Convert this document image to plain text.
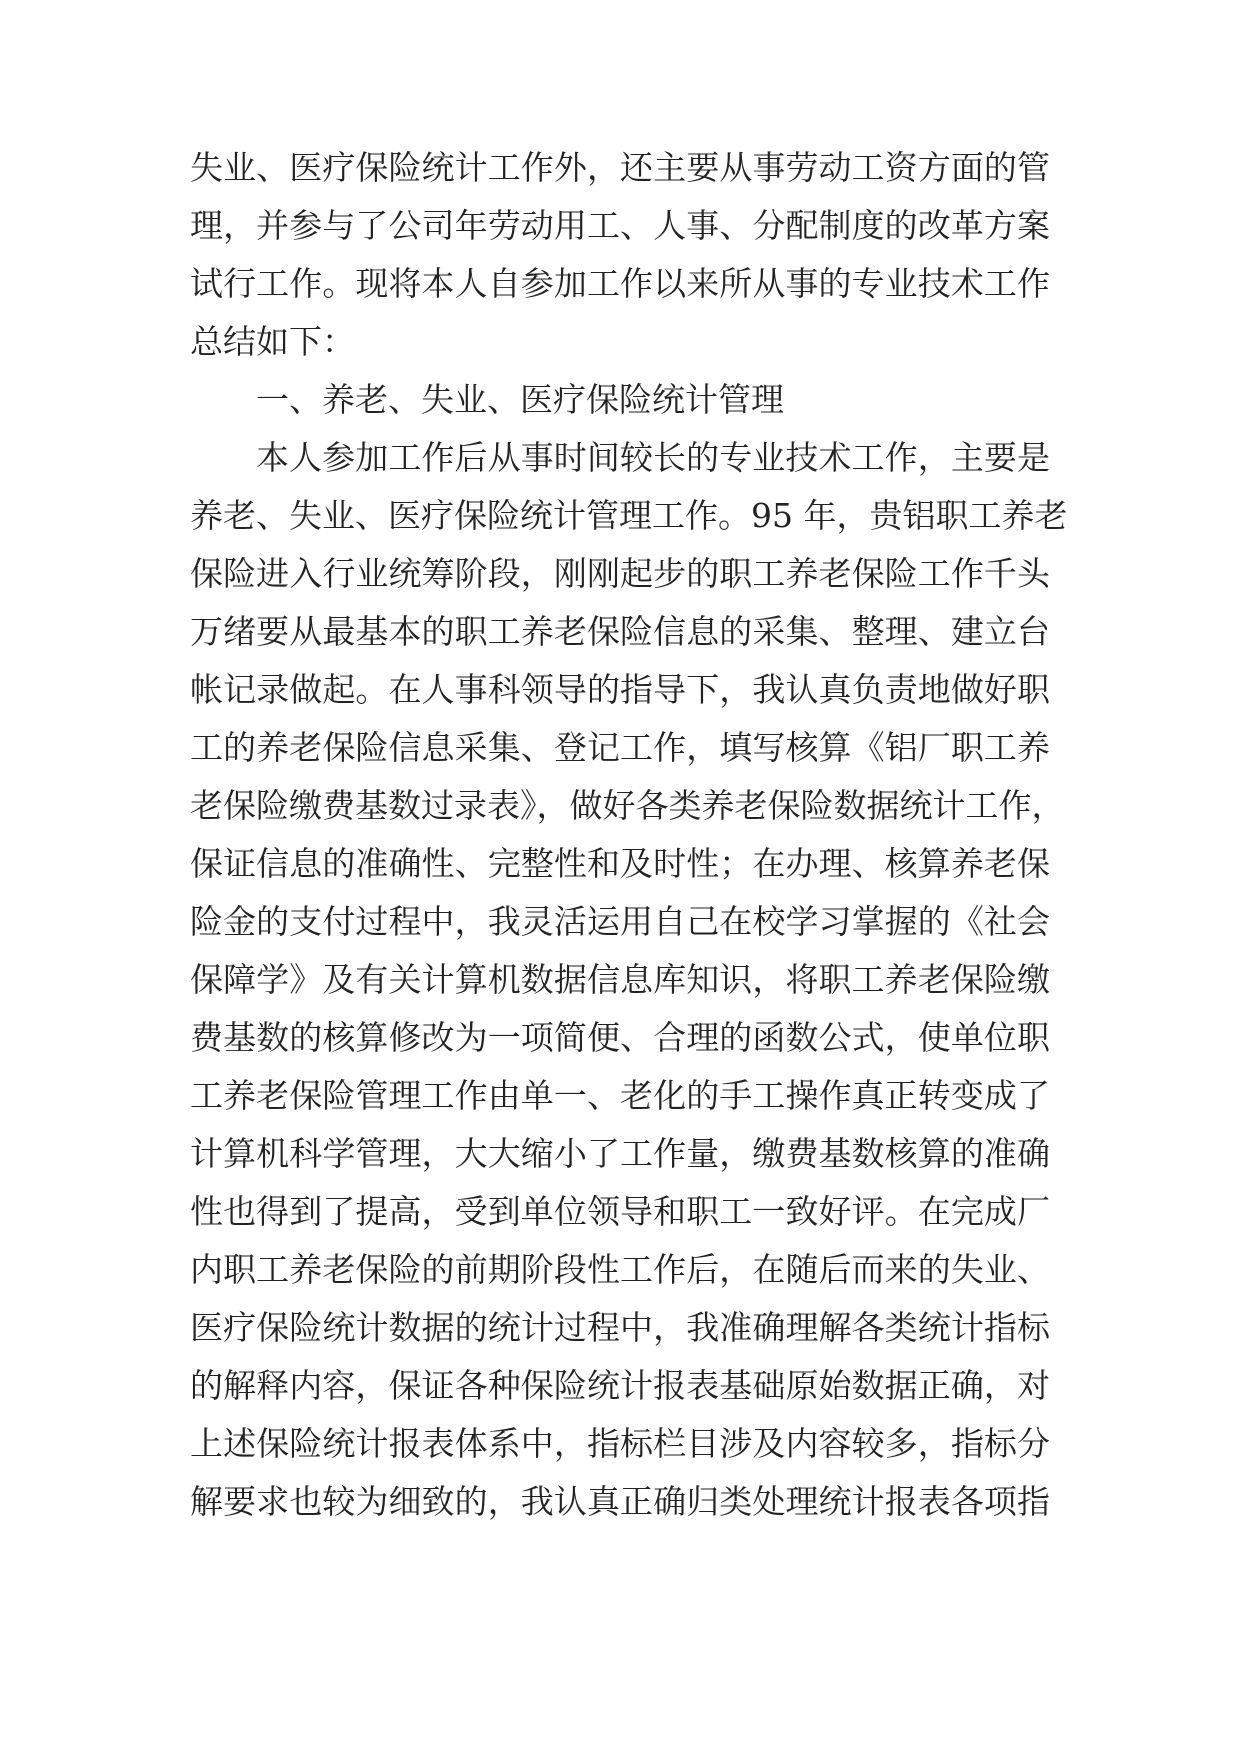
失业、医疗保险统计工作外，还主要从事劳动工资方面的管
理，并参与了公司年劳动用工、人事、分配制度的改革方案
试行工作。现将本人自参加工作以来所从事的专业技术工作
总结如下：
一、养老、失业、医疗保险统计管理
本人参加工作后从事时间较长的专业技术工作，主要是
养老、失业、医疗保险统计管理工作。95 年，贵铝职工养老
保险进入行业统筹阶段，刚刚起步的职工养老保险工作千头
万绪要从最基本的职工养老保险信息的采集、整理、建立台
帐记录做起。在人事科领导的指导下，我认真负责地做好职
工的养老保险信息采集、登记工作，填写核算《铝厂职工养
老保险缴费基数过录表》，做好各类养老保险数据统计工作，
保证信息的准确性、完整性和及时性；在办理、核算养老保
险金的支付过程中，我灵活运用自己在校学习掌握的《社会
保障学》及有关计算机数据信息库知识，将职工养老保险缴
费基数的核算修改为一项简便、合理的函数公式，使单位职
工养老保险管理工作由单一、老化的手工操作真正转变成了
计算机科学管理，大大缩小了工作量，缴费基数核算的准确
性也得到了提高，受到单位领导和职工一致好评。在完成厂
内职工养老保险的前期阶段性工作后，在随后而来的失业、
医疗保险统计数据的统计过程中，我准确理解各类统计指标
的解释内容，保证各种保险统计报表基础原始数据正确，对
上述保险统计报表体系中，指标栏目涉及内容较多，指标分
解要求也较为细致的，我认真正确归类处理统计报表各项指
